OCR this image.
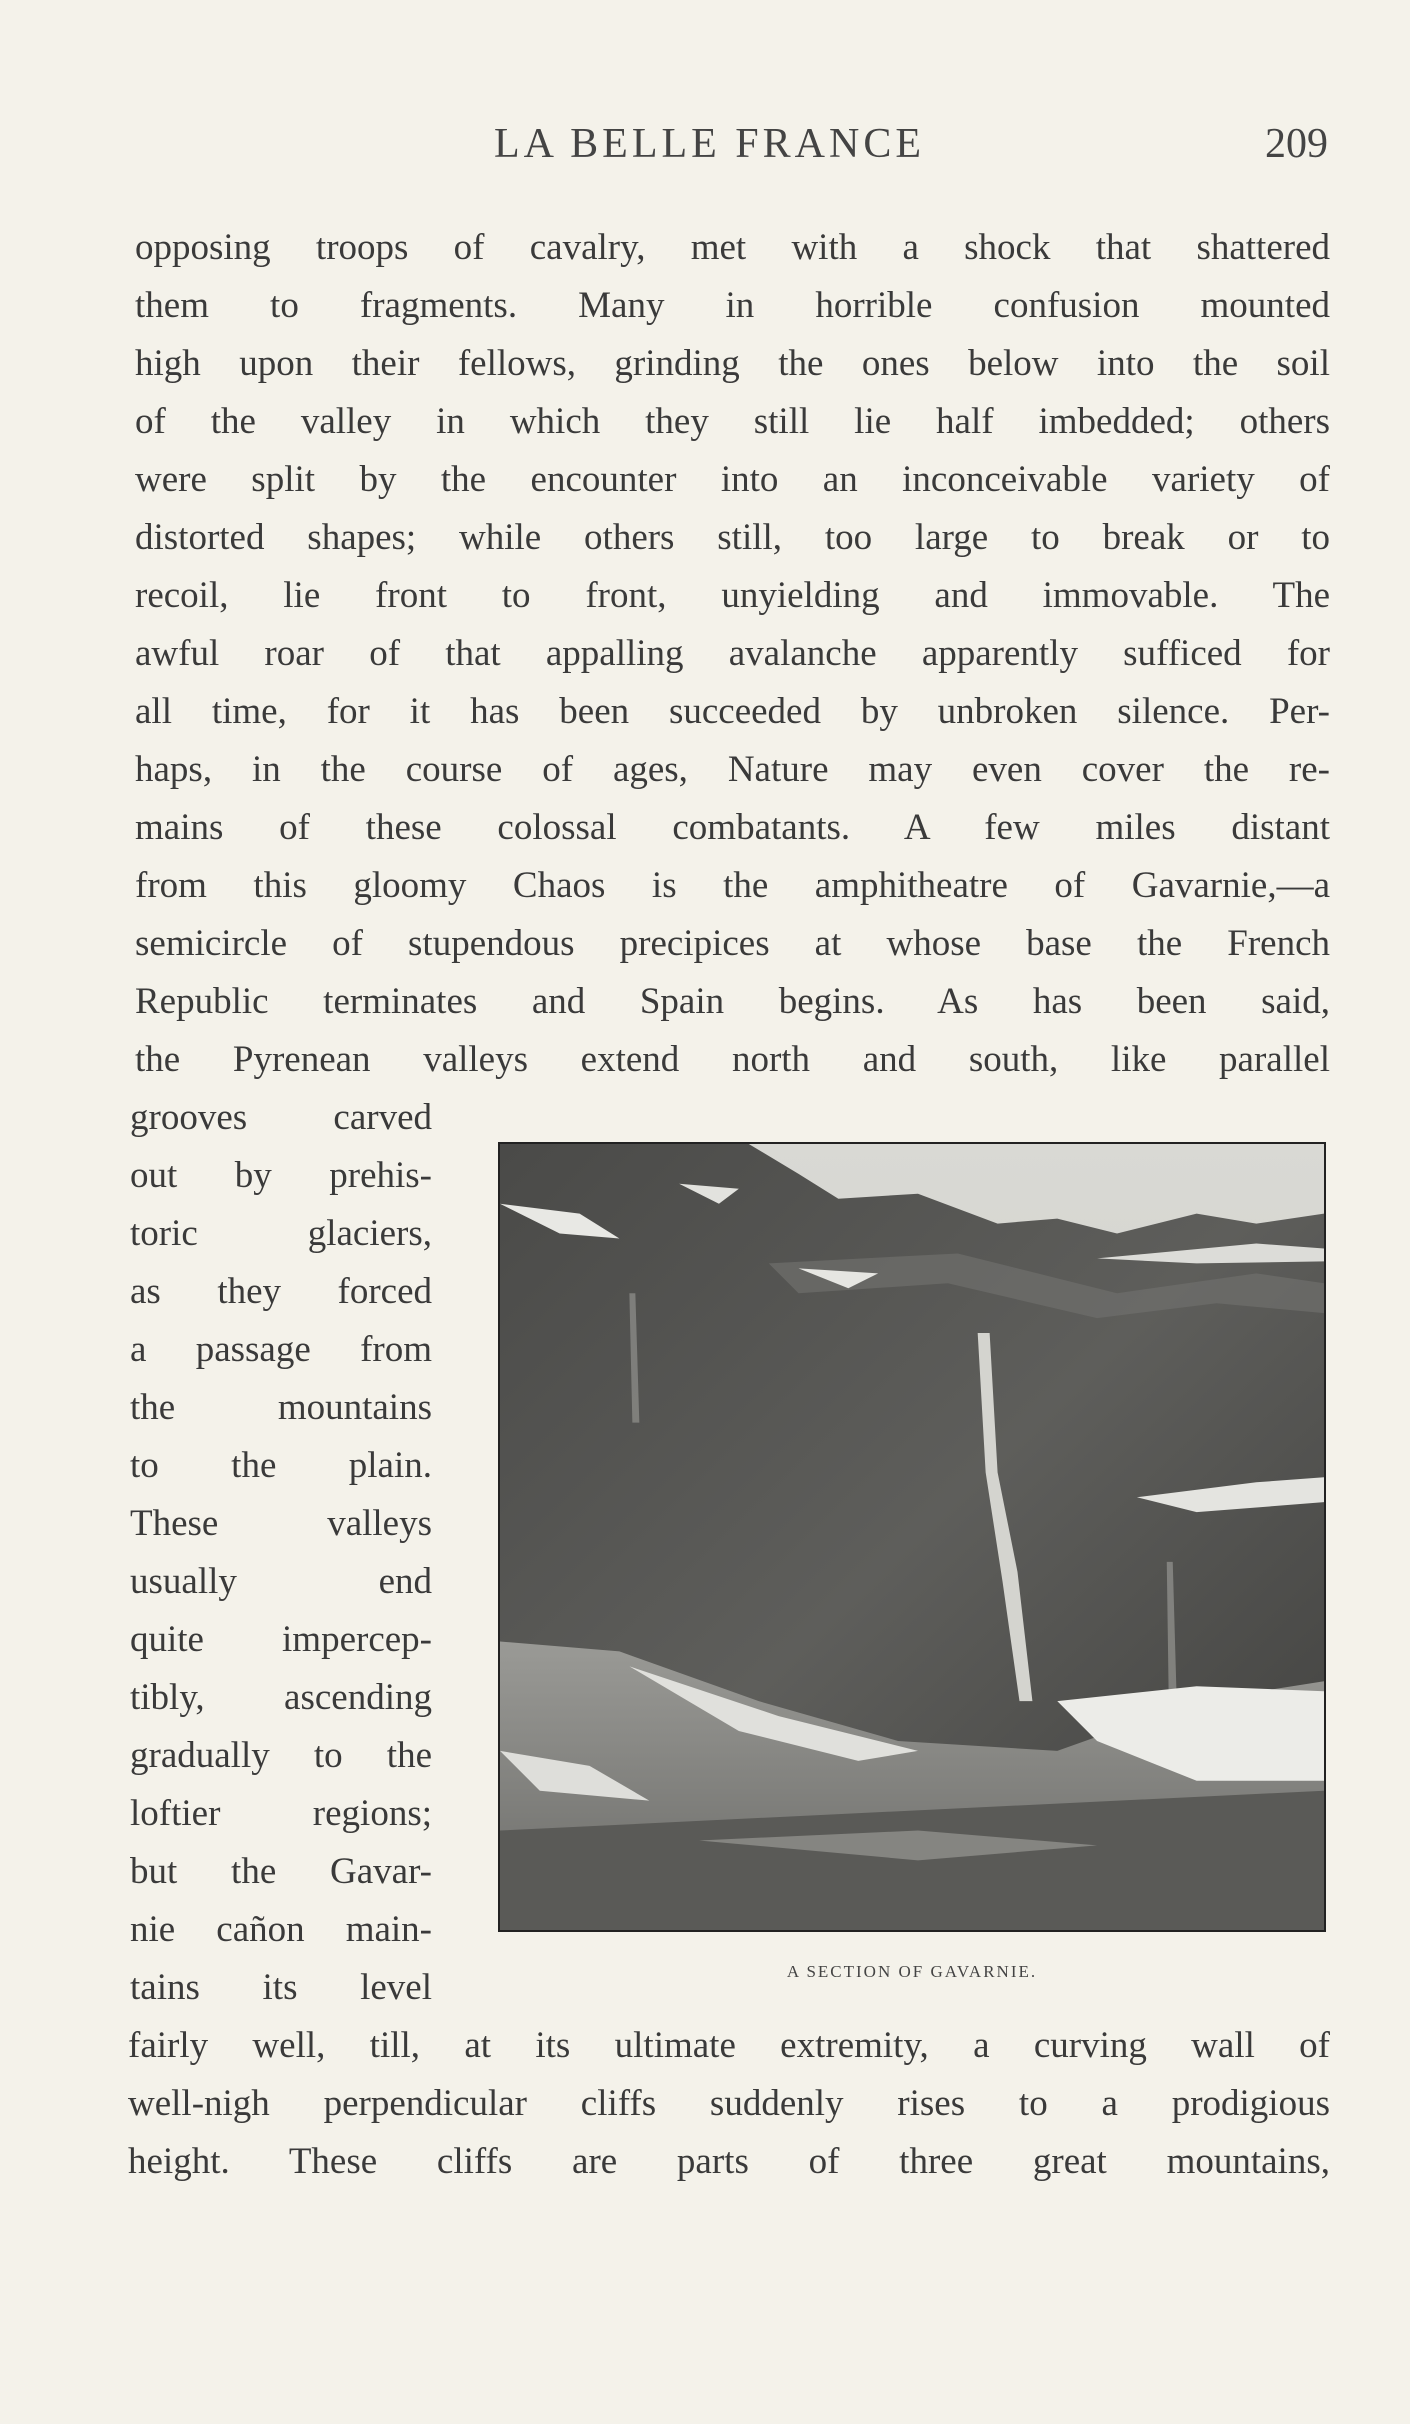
LA BELLE FRANCE	209
opposing troops of cavalry, met with a shock that shattered
them to fragments. Many in horrible confusion mounted
high upon their fellows, grinding the ones below into the soil
of the valley in which they still lie half imbedded; others
were split by the encounter into an inconceivable variety of
distorted shapes; while others still, too large to break or to
recoil, lie front to front, unyielding and immovable. The
awful roar of that appalling avalanche apparently sufficed for
all time, for it has been succeeded by unbroken silence. Per-
haps, in the course of ages, Nature may even cover the re-
mains of these colossal combatants. A few miles distant
from this gloomy Chaos is the amphitheatre of Gavarnie,—a
semicircle of stupendous precipices at whose base the French
Republic terminates and Spain begins. As has been said,
the Pyrenean valleys extend north and south, like parallel
grooves carved
out by prehis-
toric glaciers,
as they forced
a passage from
the mountains
to the plain.
These valleys
usually end
quite impercep-
tibly, ascending
gradually to the
loftier regions;
but the Gavar-
nie cañon main-
tains its level
fairly well, till, at its ultimate extremity, a curving wall of
well-nigh perpendicular cliffs suddenly rises to a prodigious
height. These cliffs are parts of three great mountains,
A SECTION OF GAVARNIE.
